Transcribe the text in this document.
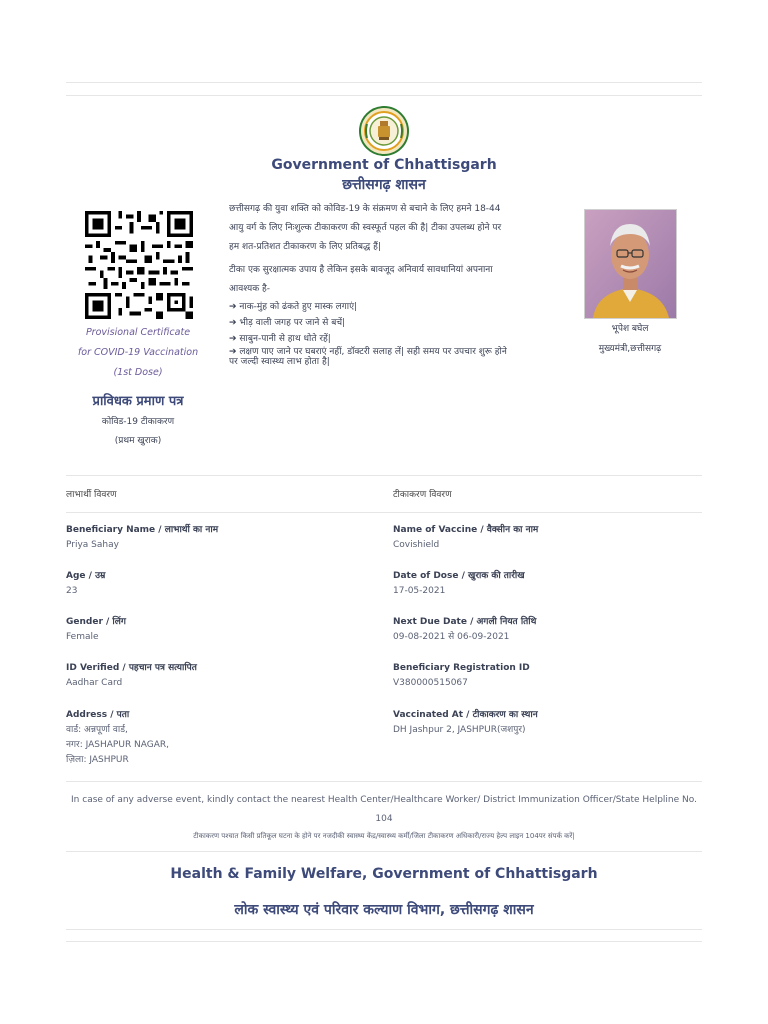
Government of Chhattisgarh
छत्तीसगढ़ शासन
Provisional Certificate
for COVID-19 Vaccination
(1st Dose)
प्राविधक प्रमाण पत्र
कोविड-19 टीकाकरण
(प्रथम खुराक)

छत्तीसगढ़ की युवा शक्ति को कोविड-19 के संक्रमण से बचाने के लिए हमने 18-44

आयु वर्ग के लिए निःशुल्क टीकाकरण की स्वस्फूर्त पहल की है| टीका उपलब्ध होने पर

हम शत-प्रतिशत टीकाकरण के लिए प्रतिबद्ध हैं|

टीका एक सुरक्षात्मक उपाय है लेकिन इसके बावजूद अनिवार्य सावधानियां अपनाना

आवश्यक है-

➔ नाक-मुंह को ढंकते हुए मास्क लगाएं|

➔ भीड़ वाली जगह पर जाने से बचें|

➔ साबुन-पानी से हाथ धोते रहें|

➔ लक्षण पाए जाने पर घबराएं नहीं, डॉक्टरी सलाह लें| सही समय पर उपचार शुरू होने

पर जल्दी स्वास्थ्य लाभ होता है|

भूपेश बघेल
मुख्यमंत्री,छत्तीसगढ़
लाभार्थी विवरण	टीकाकरण विवरण
Beneficiary Name / लाभार्थी का नाम
Priya Sahay
Age / उम्र
23
Gender / लिंग
Female
ID Verified / पहचान पत्र सत्यापित
Aadhar Card
Address / पता
वार्ड: अन्नपूर्णा वार्ड,
नगर: JASHAPUR NAGAR,
ज़िला: JASHPUR
Name of Vaccine / वैक्सीन का नाम
Covishield
Date of Dose / खुराक की तारीख
17-05-2021
Next Due Date / अगली नियत तिथि
09-08-2021 से 06-09-2021
Beneficiary Registration ID
V380000515067
Vaccinated At / टीकाकरण का स्थान
DH Jashpur 2, JASHPUR(जशपुर)
In case of any adverse event, kindly contact the nearest Health Center/Healthcare Worker/ District Immunization Officer/State Helpline No.
104
टीकाकरण पश्चात किसी प्रतिकूल घटना के होने पर नजदीकी स्वास्थ्य केंद्र/स्वास्थ्य कर्मी/जिला टीकाकरण अधिकारी/राज्य हेल्प लाइन 104पर संपर्क करें|
Health & Family Welfare, Government of Chhattisgarh
लोक स्वास्थ्य एवं परिवार कल्याण विभाग, छत्तीसगढ़ शासन
